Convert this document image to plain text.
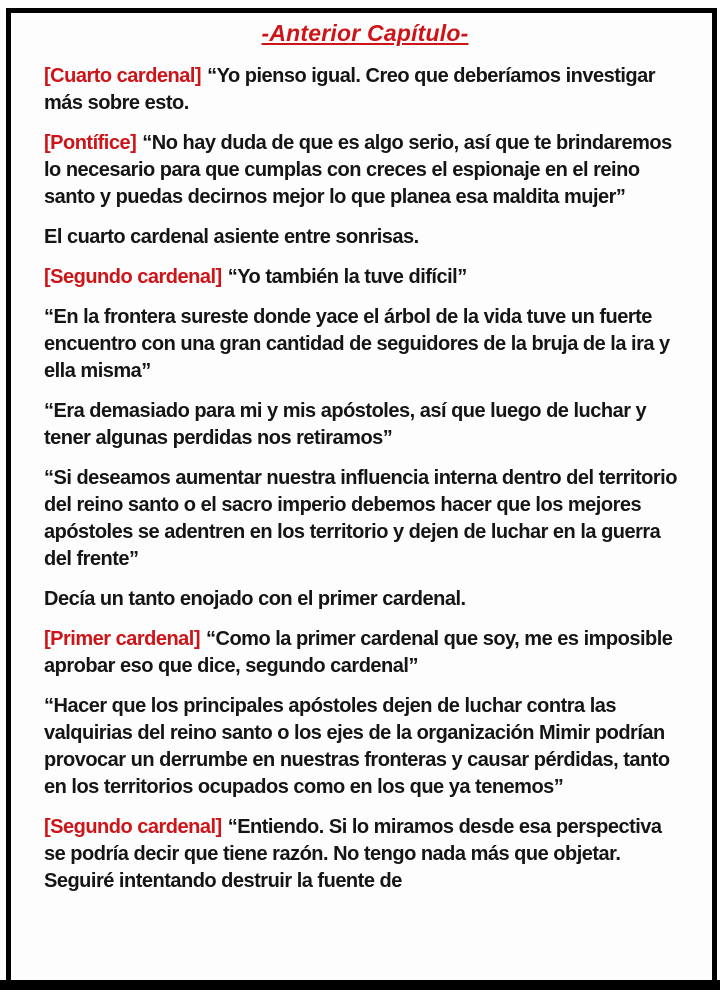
-Anterior Capítulo-

[Cuarto cardenal] “Yo pienso igual. Creo que deberíamos investigar más sobre esto.

[Pontífice] “No hay duda de que es algo serio, así que te brindaremos lo necesario para que cumplas con creces el espionaje en el reino santo y puedas decirnos mejor lo que planea esa maldita mujer”

El cuarto cardenal asiente entre sonrisas.

[Segundo cardenal] “Yo también la tuve difícil”

“En la frontera sureste donde yace el árbol de la vida tuve un fuerte encuentro con una gran cantidad de seguidores de la bruja de la ira y ella misma”

“Era demasiado para mi y mis apóstoles, así que luego de luchar y tener algunas perdidas nos retiramos”

“Si deseamos aumentar nuestra influencia interna dentro del territorio del reino santo o el sacro imperio debemos hacer que los mejores apóstoles se adentren en los territorio y dejen de luchar en la guerra del frente”

Decía un tanto enojado con el primer cardenal.

[Primer cardenal] “Como la primer cardenal que soy, me es imposible aprobar eso que dice, segundo cardenal”

“Hacer que los principales apóstoles dejen de luchar contra las valquirias del reino santo o los ejes de la organización Mimir podrían provocar un derrumbe en nuestras fronteras y causar pérdidas, tanto en los territorios ocupados como en los que ya tenemos”

[Segundo cardenal] “Entiendo. Si lo miramos desde esa perspectiva se podría decir que tiene razón. No tengo nada más que objetar. Seguiré intentando destruir la fuente de
